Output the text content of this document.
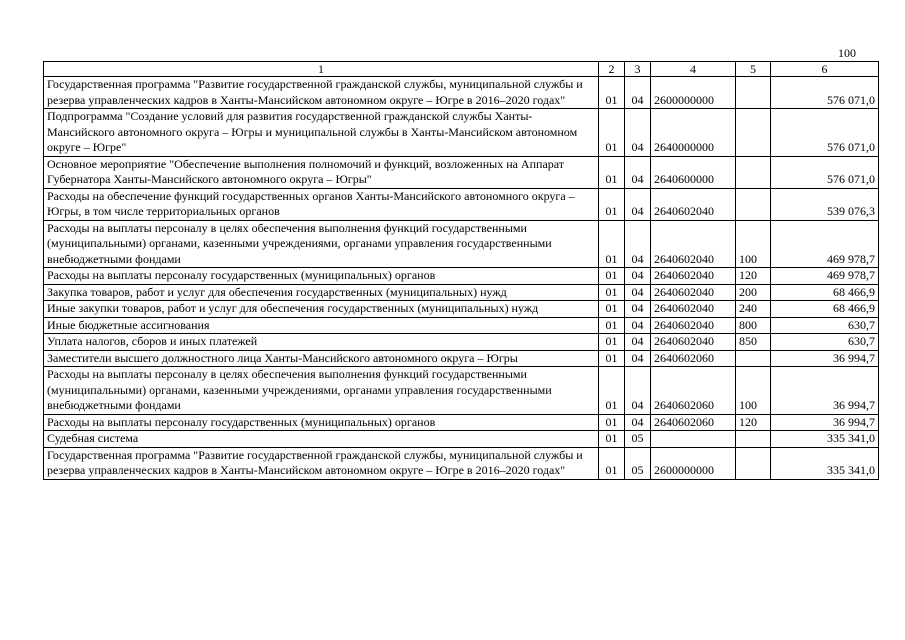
100
1	2	3	4	5	6
Государственная программа "Развитие государственной гражданской службы, муниципальной службы и резерва управленческих кадров в Ханты-Мансийском автономном округе – Югре в 2016–2020 годах"	01	04	2600000000		576 071,0
Подпрограмма "Создание условий для развития государственной гражданской службы Ханты-Мансийского автономного округа – Югры и муниципальной службы в Ханты-Мансийском автономном округе – Югре"	01	04	2640000000		576 071,0
Основное мероприятие "Обеспечение выполнения полномочий и функций, возложенных на Аппарат Губернатора Ханты-Мансийского автономного округа – Югры"	01	04	2640600000		576 071,0
Расходы на обеспечение функций государственных органов Ханты-Мансийского автономного округа – Югры, в том числе территориальных органов	01	04	2640602040		539 076,3
Расходы на выплаты персоналу в целях обеспечения выполнения функций государственными (муниципальными) органами, казенными учреждениями, органами управления государственными внебюджетными фондами	01	04	2640602040	100	469 978,7
Расходы на выплаты персоналу государственных (муниципальных) органов	01	04	2640602040	120	469 978,7
Закупка товаров, работ и услуг для обеспечения государственных (муниципальных) нужд	01	04	2640602040	200	68 466,9
Иные закупки товаров, работ и услуг для обеспечения государственных (муниципальных) нужд	01	04	2640602040	240	68 466,9
Иные бюджетные ассигнования	01	04	2640602040	800	630,7
Уплата налогов, сборов и иных платежей	01	04	2640602040	850	630,7
Заместители высшего должностного лица Ханты-Мансийского автономного округа – Югры	01	04	2640602060		36 994,7
Расходы на выплаты персоналу в целях обеспечения выполнения функций государственными (муниципальными) органами, казенными учреждениями, органами управления государственными внебюджетными фондами	01	04	2640602060	100	36 994,7
Расходы на выплаты персоналу государственных (муниципальных) органов	01	04	2640602060	120	36 994,7
Судебная система	01	05			335 341,0
Государственная программа "Развитие государственной гражданской службы, муниципальной службы и резерва управленческих кадров в Ханты-Мансийском автономном округе – Югре в 2016–2020 годах"	01	05	2600000000		335 341,0
